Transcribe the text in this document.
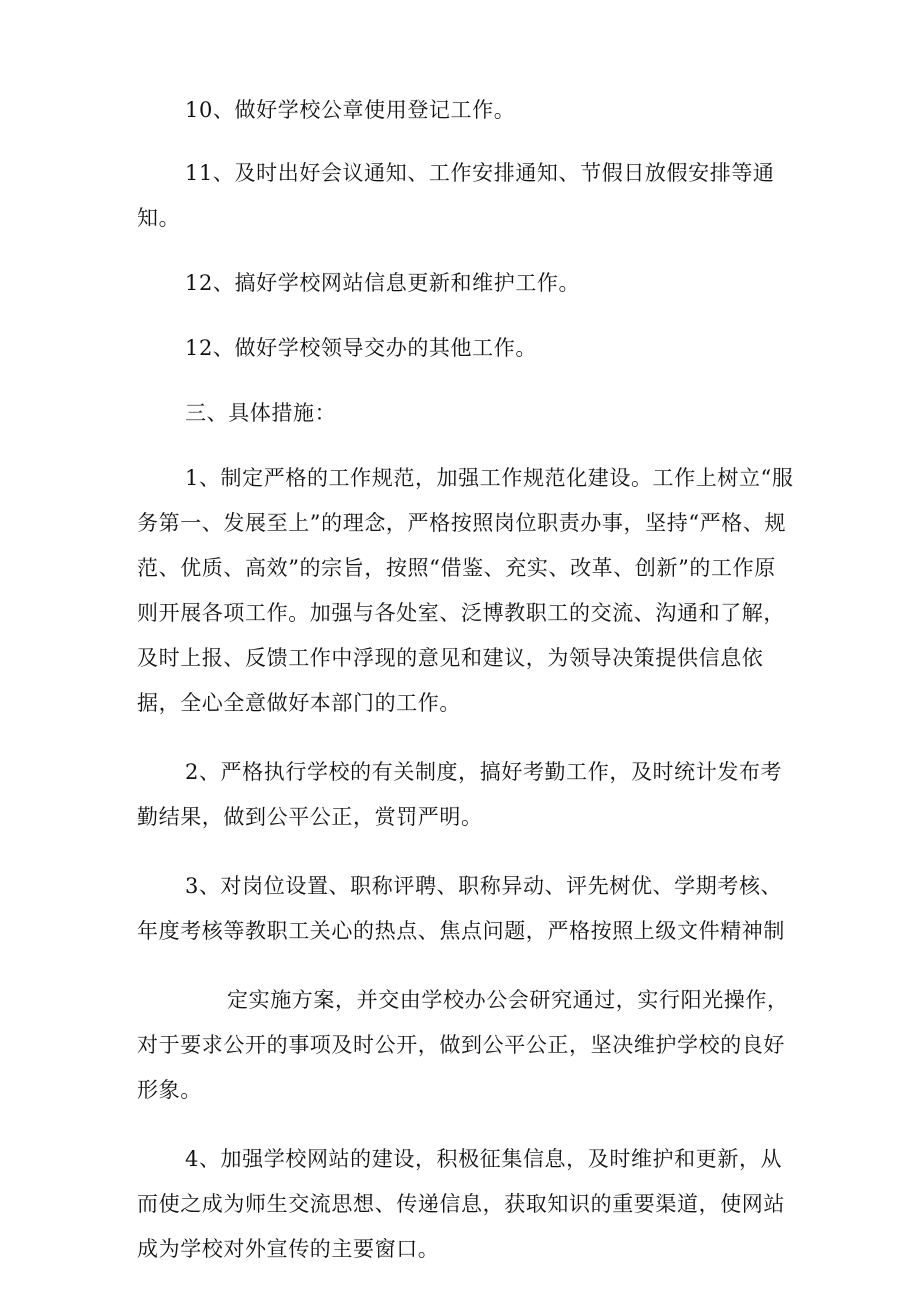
10、做好学校公章使用登记工作。

11、及时出好会议通知、工作安排通知、节假日放假安排等通知。

12、搞好学校网站信息更新和维护工作。

12、做好学校领导交办的其他工作。

三、具体措施：

1、制定严格的工作规范，加强工作规范化建设。工作上树立“服务第一、发展至上”的理念，严格按照岗位职责办事，坚持“严格、规范、优质、高效”的宗旨，按照“借鉴、充实、改革、创新”的工作原则开展各项工作。加强与各处室、泛博教职工的交流、沟通和了解，及时上报、反馈工作中浮现的意见和建议，为领导决策提供信息依据，全心全意做好本部门的工作。

2、严格执行学校的有关制度，搞好考勤工作，及时统计发布考勤结果，做到公平公正，赏罚严明。

3、对岗位设置、职称评聘、职称异动、评先树优、学期考核、年度考核等教职工关心的热点、焦点问题，严格按照上级文件精神制

定实施方案，并交由学校办公会研究通过，实行阳光操作，对于要求公开的事项及时公开，做到公平公正，坚决维护学校的良好形象。

4、加强学校网站的建设，积极征集信息，及时维护和更新，从而使之成为师生交流思想、传递信息，获取知识的重要渠道，使网站成为学校对外宣传的主要窗口。
